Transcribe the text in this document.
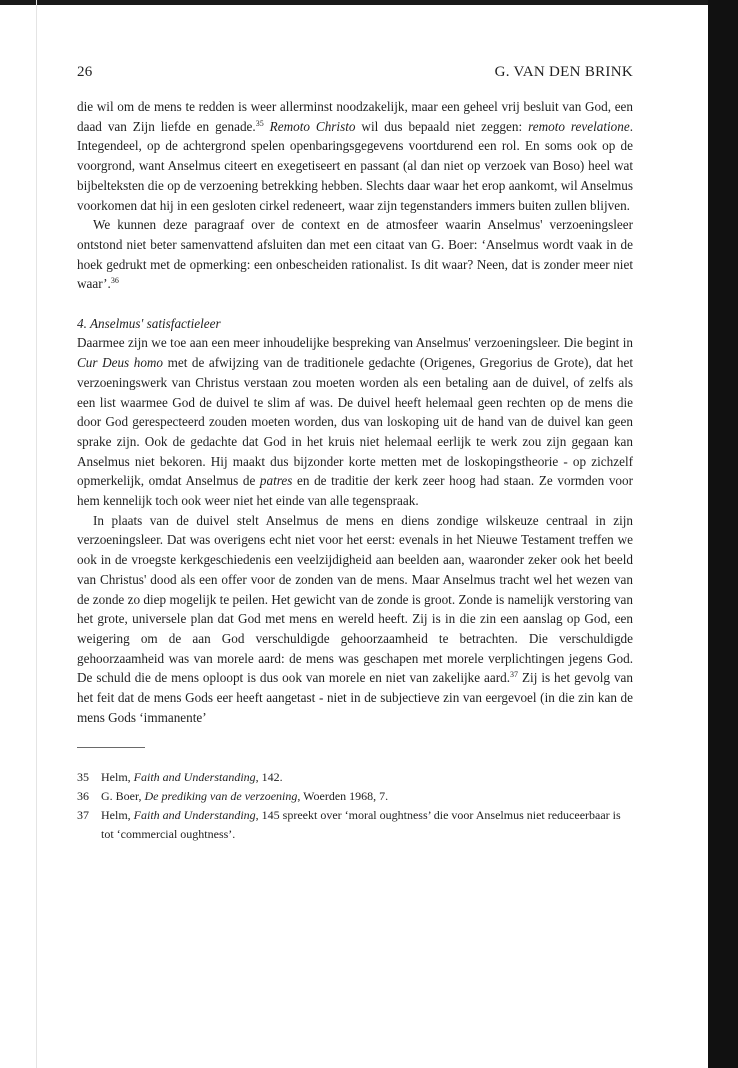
26	G. VAN DEN BRINK

die wil om de mens te redden is weer allerminst noodzakelijk, maar een geheel vrij besluit van God, een daad van Zijn liefde en genade.$^{35}$ Remoto Christo wil dus bepaald niet zeggen: remoto revelatione. Integendeel, op de achtergrond spelen openbaringsgegevens voortdurend een rol. En soms ook op de voorgrond, want Anselmus citeert en exegetiseert en passant (al dan niet op verzoek van Boso) heel wat bijbelteksten die op de verzoening betrekking hebben. Slechts daar waar het erop aankomt, wil Anselmus voorkomen dat hij in een gesloten cirkel redeneert, waar zijn tegenstanders immers buiten zullen blijven.

We kunnen deze paragraaf over de context en de atmosfeer waarin Anselmus' verzoeningsleer ontstond niet beter samenvattend afsluiten dan met een citaat van G. Boer: ‘Anselmus wordt vaak in de hoek gedrukt met de opmerking: een onbescheiden rationalist. Is dit waar? Neen, dat is zonder meer niet waar’.$^{36}$

4. Anselmus' satisfactieleer

Daarmee zijn we toe aan een meer inhoudelijke bespreking van Anselmus' verzoeningsleer. Die begint in Cur Deus homo met de afwijzing van de traditionele gedachte (Origenes, Gregorius de Grote), dat het verzoeningswerk van Christus verstaan zou moeten worden als een betaling aan de duivel, of zelfs als een list waarmee God de duivel te slim af was. De duivel heeft helemaal geen rechten op de mens die door God gerespecteerd zouden moeten worden, dus van loskoping uit de hand van de duivel kan geen sprake zijn. Ook de gedachte dat God in het kruis niet helemaal eerlijk te werk zou zijn gegaan kan Anselmus niet bekoren. Hij maakt dus bijzonder korte metten met de loskopingstheorie - op zichzelf opmerkelijk, omdat Anselmus de patres en de traditie der kerk zeer hoog had staan. Ze vormden voor hem kennelijk toch ook weer niet het einde van alle tegenspraak.

In plaats van de duivel stelt Anselmus de mens en diens zondige wilskeuze centraal in zijn verzoeningsleer. Dat was overigens echt niet voor het eerst: evenals in het Nieuwe Testament treffen we ook in de vroegste kerkgeschiedenis een veelzijdigheid aan beelden aan, waaronder zeker ook het beeld van Christus' dood als een offer voor de zonden van de mens. Maar Anselmus tracht wel het wezen van de zonde zo diep mogelijk te peilen. Het gewicht van de zonde is groot. Zonde is namelijk verstoring van het grote, universele plan dat God met mens en wereld heeft. Zij is in die zin een aanslag op God, een weigering om de aan God verschuldigde gehoorzaamheid te betrachten. Die verschuldigde gehoorzaamheid was van morele aard: de mens was geschapen met morele verplichtingen jegens God. De schuld die de mens oploopt is dus ook van morele en niet van zakelijke aard.$^{37}$ Zij is het gevolg van het feit dat de mens Gods eer heeft aangetast - niet in de subjectieve zin van eergevoel (in die zin kan de mens Gods ‘immanente’

35	Helm, Faith and Understanding, 142.
36	G. Boer, De prediking van de verzoening, Woerden 1968, 7.
37	Helm, Faith and Understanding, 145 spreekt over ‘moral oughtness’ die voor Anselmus niet reduceerbaar is tot ‘commercial oughtness’.
